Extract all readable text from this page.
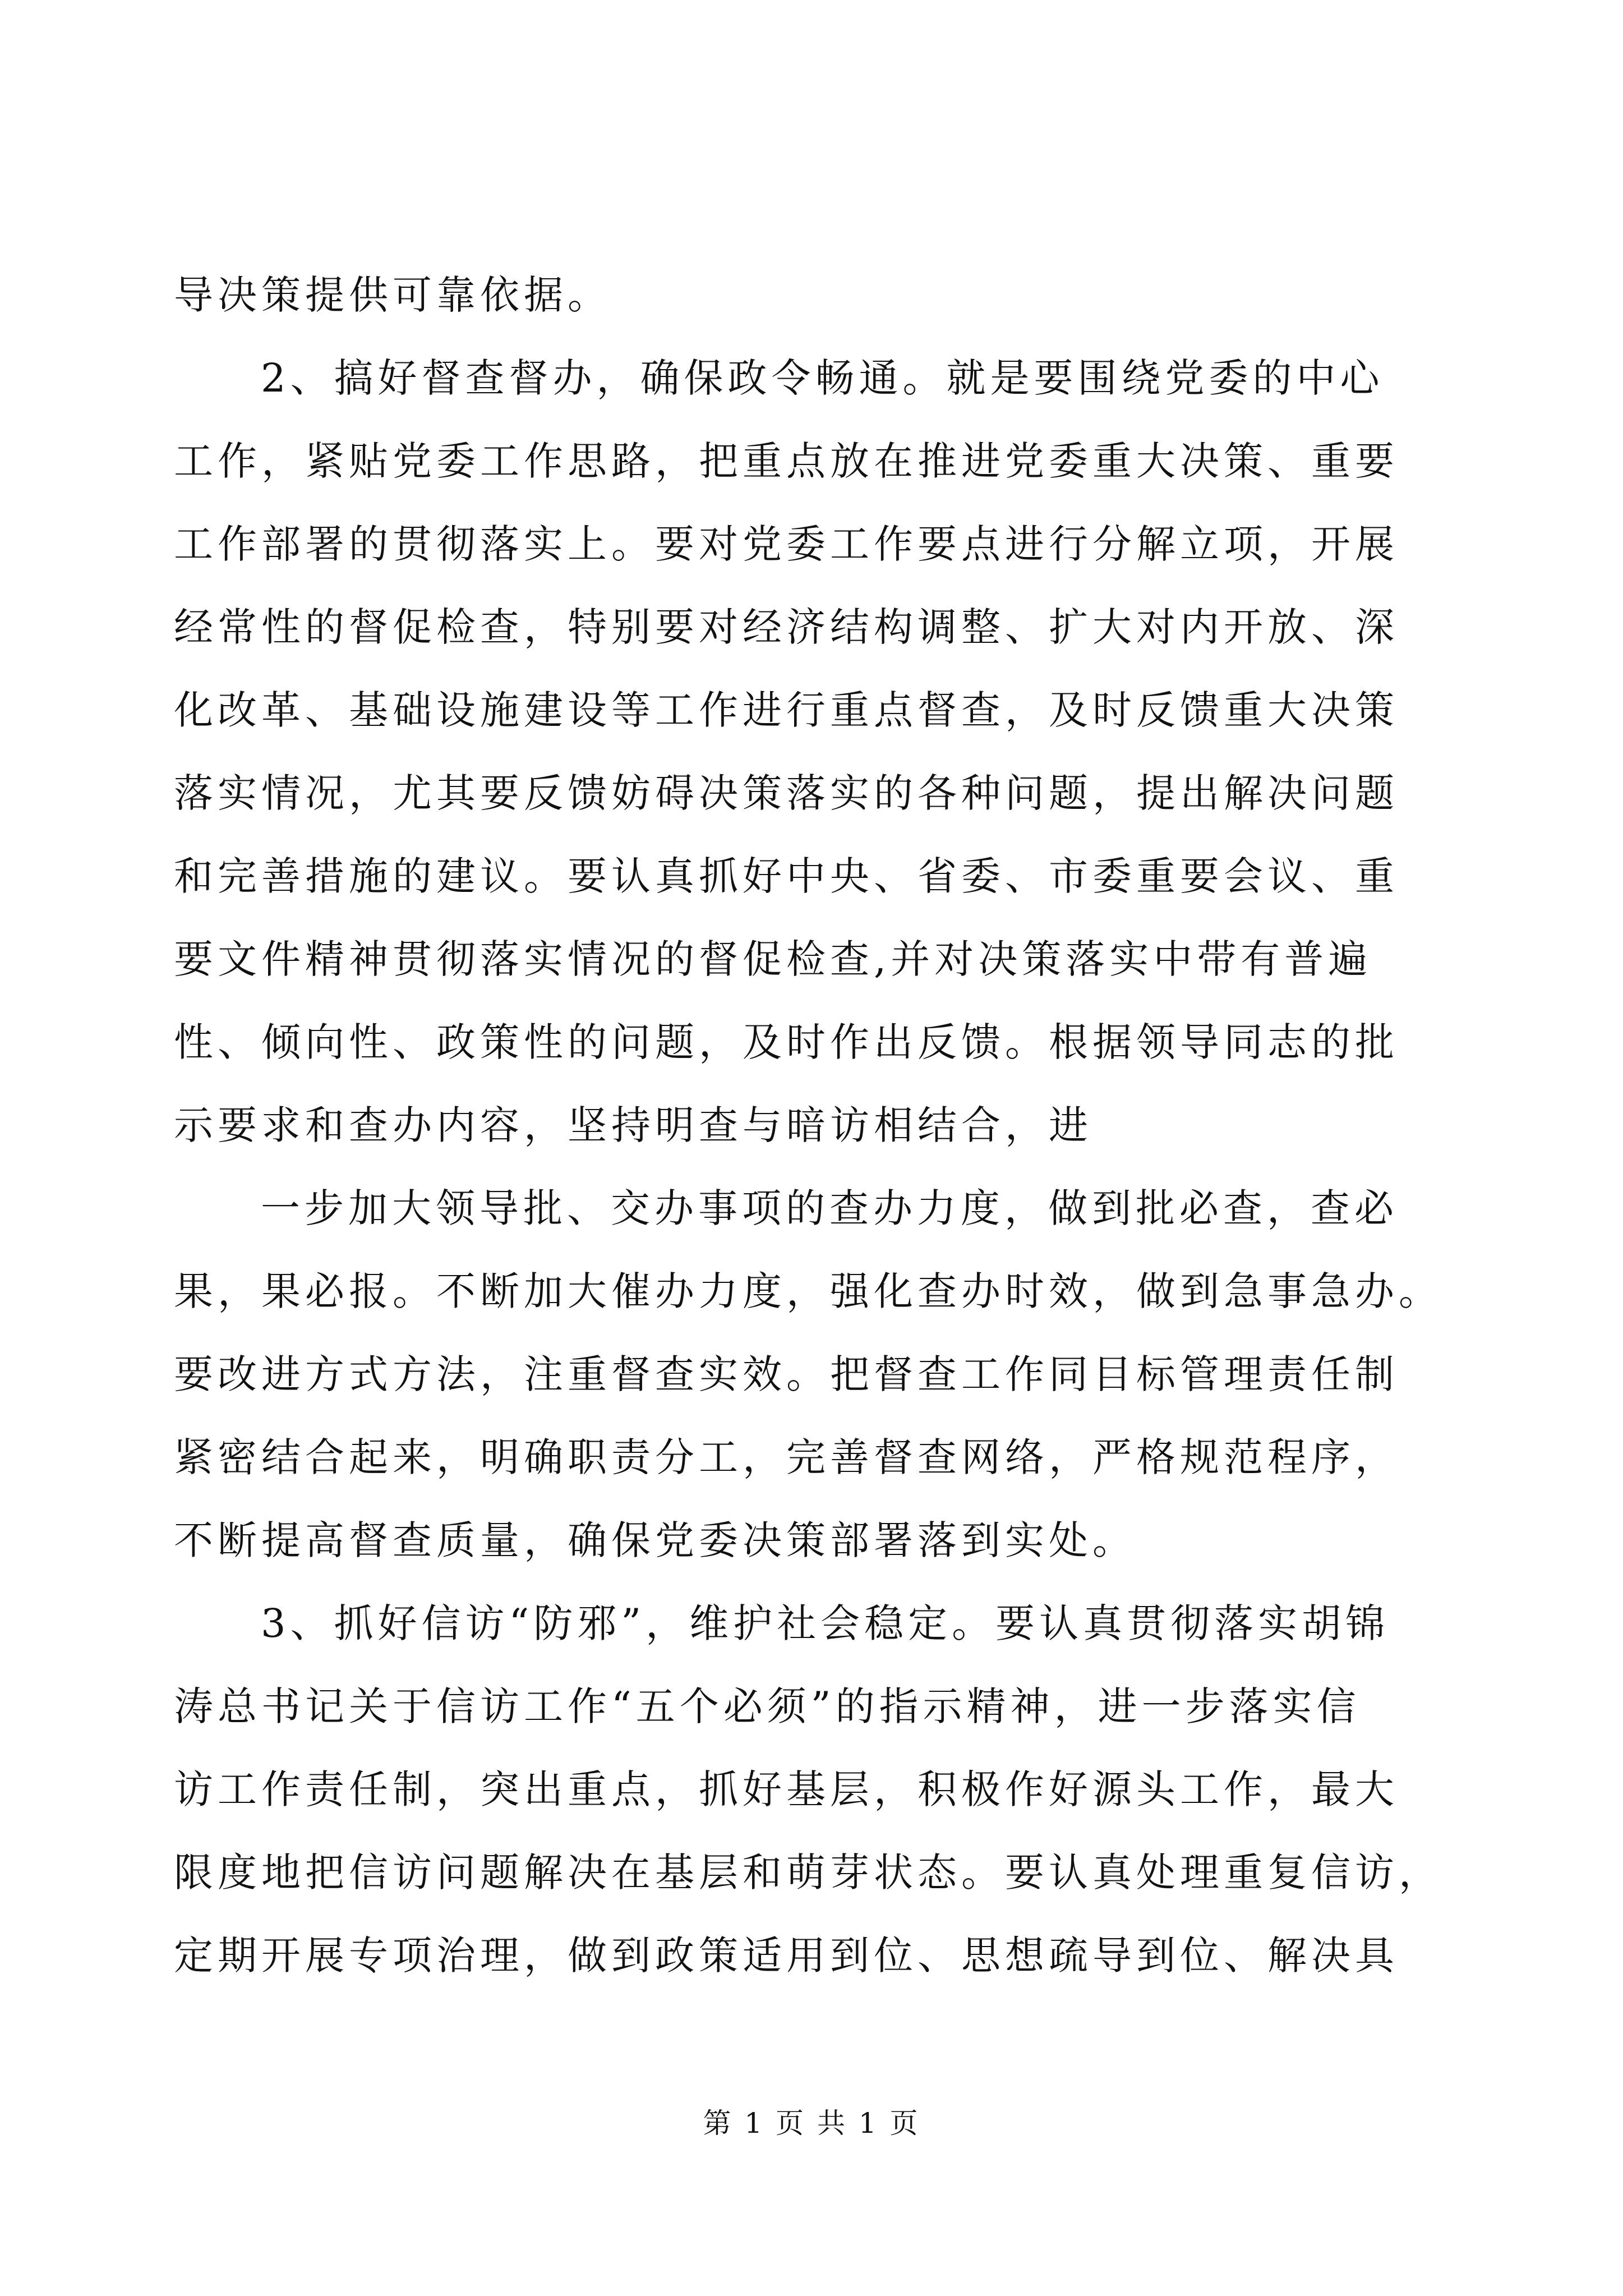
导决策提供可靠依据。
2、搞好督查督办，确保政令畅通。就是要围绕党委的中心
工作，紧贴党委工作思路，把重点放在推进党委重大决策、重要
工作部署的贯彻落实上。要对党委工作要点进行分解立项，开展
经常性的督促检查，特别要对经济结构调整、扩大对内开放、深
化改革、基础设施建设等工作进行重点督查，及时反馈重大决策
落实情况，尤其要反馈妨碍决策落实的各种问题，提出解决问题
和完善措施的建议。要认真抓好中央、省委、市委重要会议、重
要文件精神贯彻落实情况的督促检查,并对决策落实中带有普遍
性、倾向性、政策性的问题，及时作出反馈。根据领导同志的批
示要求和查办内容，坚持明查与暗访相结合，进
一步加大领导批、交办事项的查办力度，做到批必查，查必
果，果必报。不断加大催办力度，强化查办时效，做到急事急办。
要改进方式方法，注重督查实效。把督查工作同目标管理责任制
紧密结合起来，明确职责分工，完善督查网络，严格规范程序，
不断提高督查质量，确保党委决策部署落到实处。
3、抓好信访“防邪”，维护社会稳定。要认真贯彻落实胡锦
涛总书记关于信访工作“五个必须”的指示精神，进一步落实信
访工作责任制，突出重点，抓好基层，积极作好源头工作，最大
限度地把信访问题解决在基层和萌芽状态。要认真处理重复信访，
定期开展专项治理，做到政策适用到位、思想疏导到位、解决具
第 1 页 共 1 页
